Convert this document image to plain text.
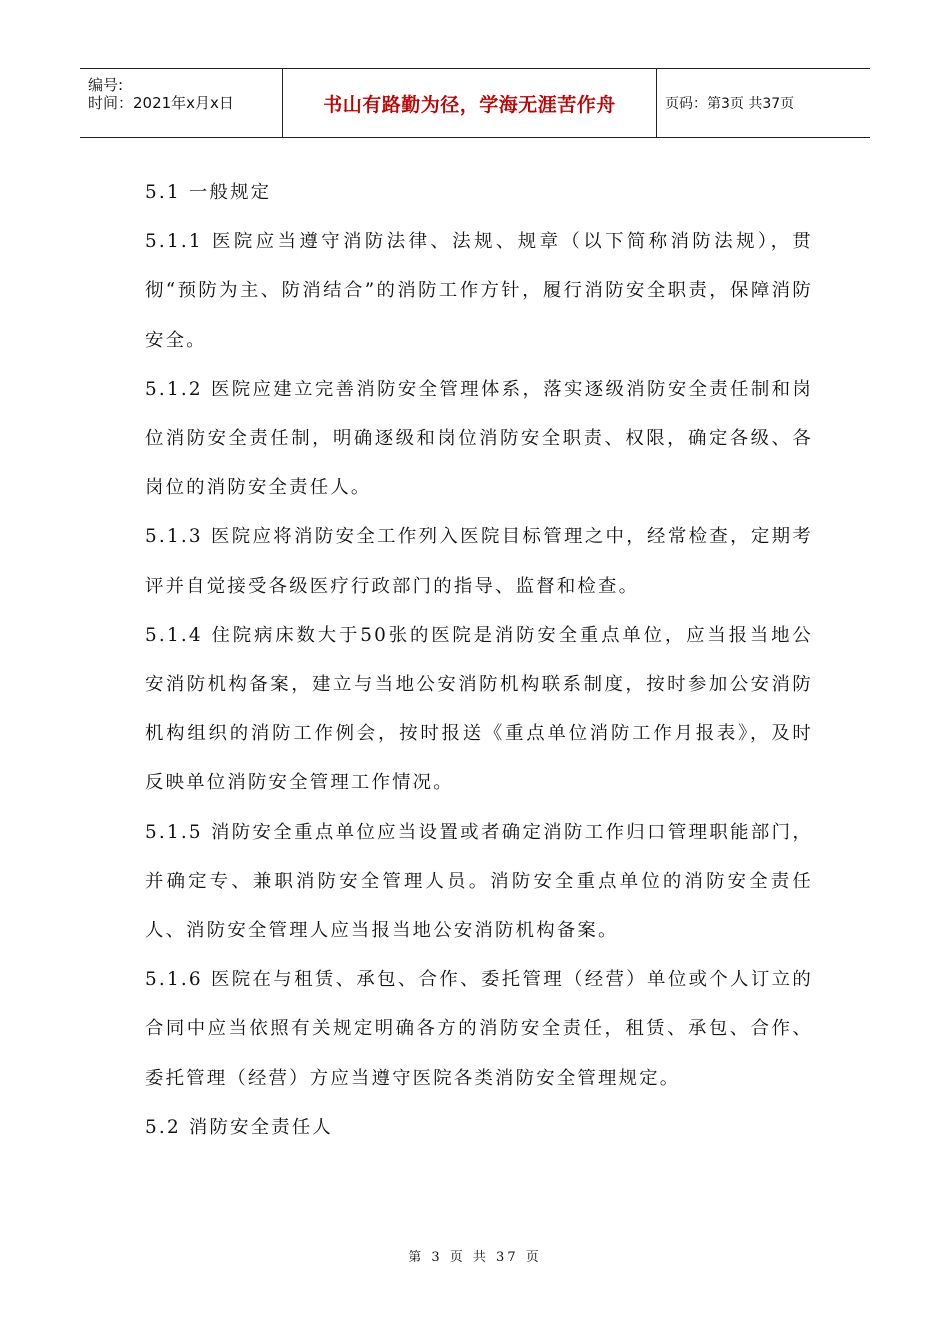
编号:
时间：2021年x月x日	书山有路勤为径，学海无涯苦作舟	页码：第3页 共37页

5.1 一般规定

5.1.1 医院应当遵守消防法律、法规、规章（以下简称消防法规），贯彻“预防为主、防消结合”的消防工作方针，履行消防安全职责，保障消防安全。

5.1.2 医院应建立完善消防安全管理体系，落实逐级消防安全责任制和岗位消防安全责任制，明确逐级和岗位消防安全职责、权限，确定各级、各岗位的消防安全责任人。

5.1.3 医院应将消防安全工作列入医院目标管理之中，经常检查，定期考评并自觉接受各级医疗行政部门的指导、监督和检查。

5.1.4 住院病床数大于50张的医院是消防安全重点单位，应当报当地公安消防机构备案，建立与当地公安消防机构联系制度，按时参加公安消防机构组织的消防工作例会，按时报送《重点单位消防工作月报表》，及时反映单位消防安全管理工作情况。

5.1.5 消防安全重点单位应当设置或者确定消防工作归口管理职能部门，并确定专、兼职消防安全管理人员。消防安全重点单位的消防安全责任人、消防安全管理人应当报当地公安消防机构备案。

5.1.6 医院在与租赁、承包、合作、委托管理（经营）单位或个人订立的合同中应当依照有关规定明确各方的消防安全责任，租赁、承包、合作、委托管理（经营）方应当遵守医院各类消防安全管理规定。

5.2 消防安全责任人

第 3 页 共 37 页
